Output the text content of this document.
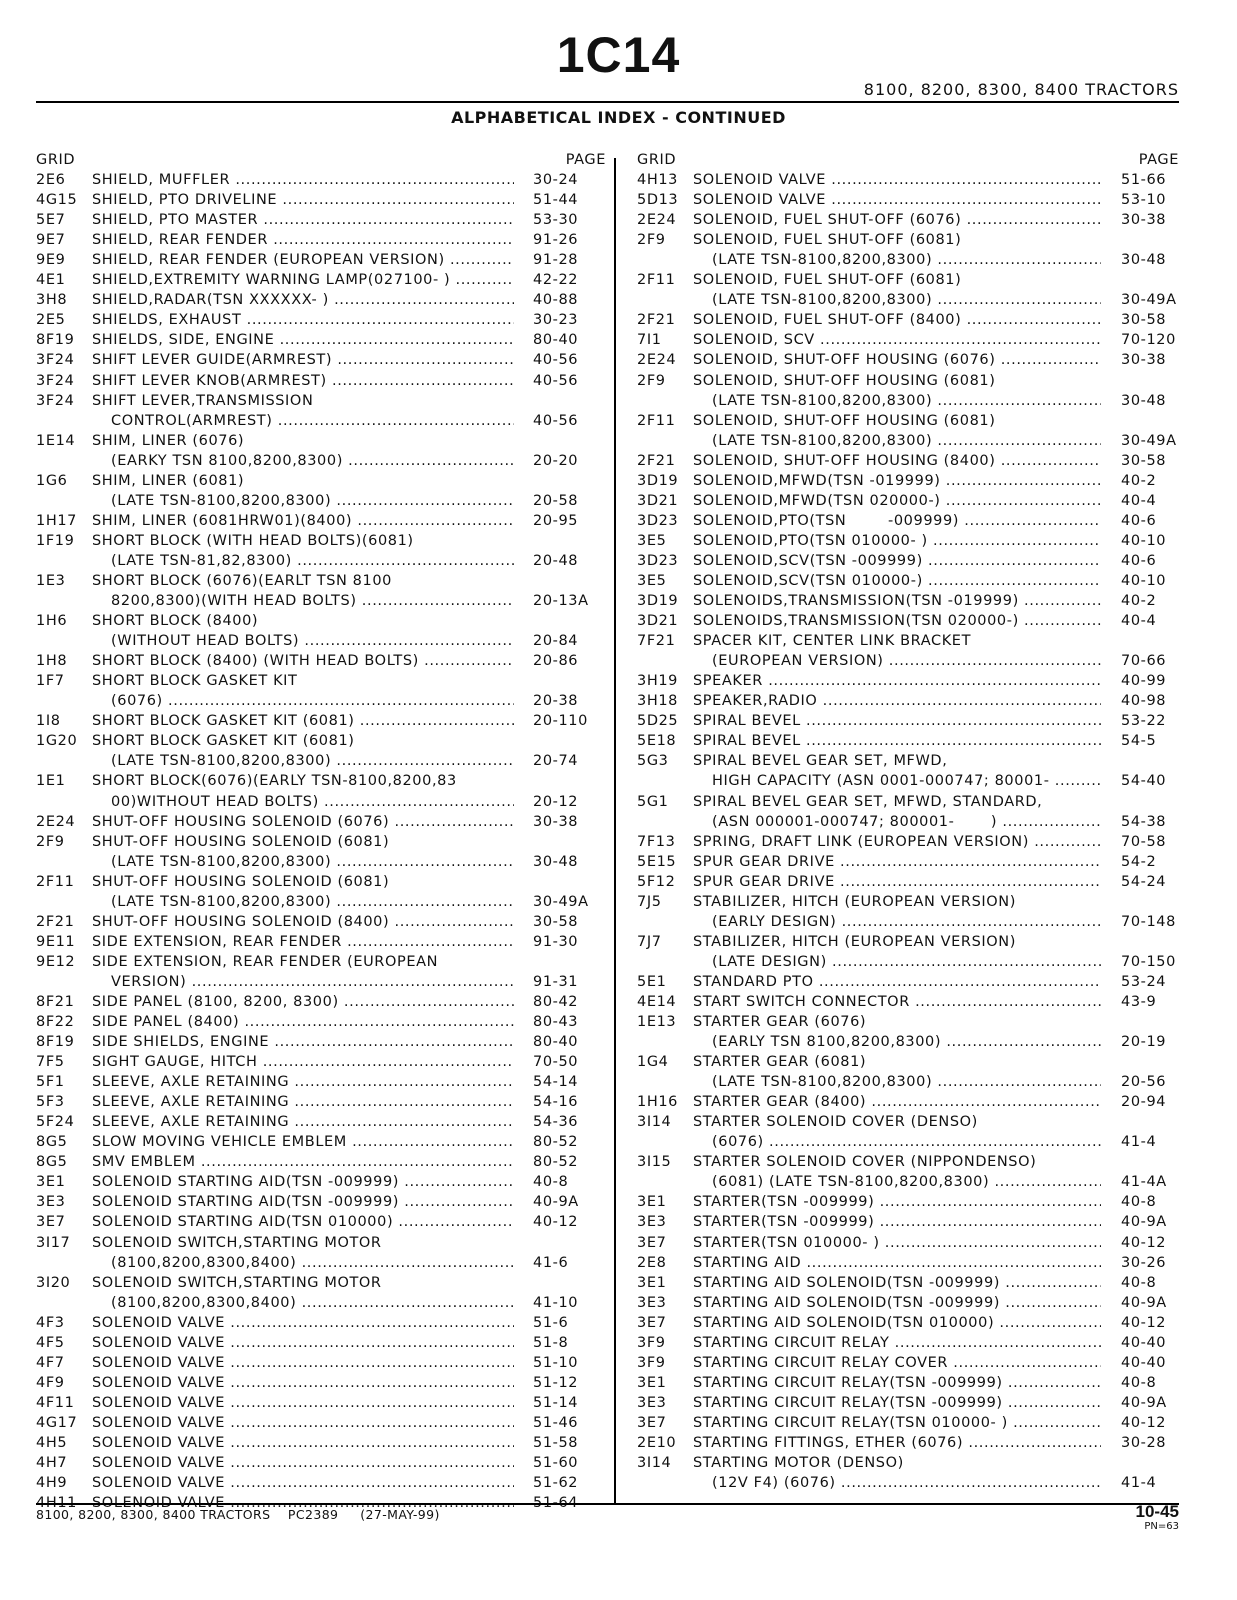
1C14
8100, 8200, 8300, 8400 TRACTORS
ALPHABETICAL INDEX - CONTINUED
GRID	PAGE
2E6 SHIELD, MUFFLER .....	30-24
4G15 SHIELD, PTO DRIVELINE .....	51-44
5E7 SHIELD, PTO MASTER .....	53-30
9E7 SHIELD, REAR FENDER .....	91-26
9E9 SHIELD, REAR FENDER (EUROPEAN VERSION) .....	91-28
4E1 SHIELD,EXTREMITY WARNING LAMP(027100- ) .....	42-22
3H8 SHIELD,RADAR(TSN XXXXXX- ) .....	40-88
2E5 SHIELDS, EXHAUST .....	30-23
8F19 SHIELDS, SIDE, ENGINE .....	80-40
3F24 SHIFT LEVER GUIDE(ARMREST) .....	40-56
3F24 SHIFT LEVER KNOB(ARMREST) .....	40-56
3F24 SHIFT LEVER,TRANSMISSION
CONTROL(ARMREST) .....	40-56
1E14 SHIM, LINER (6076)
(EARKY TSN 8100,8200,8300) .....	20-20
1G6 SHIM, LINER (6081)
(LATE TSN-8100,8200,8300) .....	20-58
1H17 SHIM, LINER (6081HRW01)(8400) .....	20-95
1F19 SHORT BLOCK (WITH HEAD BOLTS)(6081)
(LATE TSN-81,82,8300) .....	20-48
1E3 SHORT BLOCK (6076)(EARLT TSN 8100
8200,8300)(WITH HEAD BOLTS) .....	20-13A
1H6 SHORT BLOCK (8400)
(WITHOUT HEAD BOLTS) .....	20-84
1H8 SHORT BLOCK (8400) (WITH HEAD BOLTS) .....	20-86
1F7 SHORT BLOCK GASKET KIT
(6076) .....	20-38
1I8 SHORT BLOCK GASKET KIT (6081) .....	20-110
1G20 SHORT BLOCK GASKET KIT (6081)
(LATE TSN-8100,8200,8300) .....	20-74
1E1 SHORT BLOCK(6076)(EARLY TSN-8100,8200,83
00)WITHOUT HEAD BOLTS) .....	20-12
2E24 SHUT-OFF HOUSING SOLENOID (6076) .....	30-38
2F9 SHUT-OFF HOUSING SOLENOID (6081)
(LATE TSN-8100,8200,8300) .....	30-48
2F11 SHUT-OFF HOUSING SOLENOID (6081)
(LATE TSN-8100,8200,8300) .....	30-49A
2F21 SHUT-OFF HOUSING SOLENOID (8400) .....	30-58
9E11 SIDE EXTENSION, REAR FENDER .....	91-30
9E12 SIDE EXTENSION, REAR FENDER (EUROPEAN
VERSION) .....	91-31
8F21 SIDE PANEL (8100, 8200, 8300) .....	80-42
8F22 SIDE PANEL (8400) .....	80-43
8F19 SIDE SHIELDS, ENGINE .....	80-40
7F5 SIGHT GAUGE, HITCH .....	70-50
5F1 SLEEVE, AXLE RETAINING .....	54-14
5F3 SLEEVE, AXLE RETAINING .....	54-16
5F24 SLEEVE, AXLE RETAINING .....	54-36
8G5 SLOW MOVING VEHICLE EMBLEM .....	80-52
8G5 SMV EMBLEM .....	80-52
3E1 SOLENOID STARTING AID(TSN -009999) .....	40-8
3E3 SOLENOID STARTING AID(TSN -009999) .....	40-9A
3E7 SOLENOID STARTING AID(TSN 010000) .....	40-12
3I17 SOLENOID SWITCH,STARTING MOTOR
(8100,8200,8300,8400) .....	41-6
3I20 SOLENOID SWITCH,STARTING MOTOR
(8100,8200,8300,8400) .....	41-10
4F3 SOLENOID VALVE .....	51-6
4F5 SOLENOID VALVE .....	51-8
4F7 SOLENOID VALVE .....	51-10
4F9 SOLENOID VALVE .....	51-12
4F11 SOLENOID VALVE .....	51-14
4G17 SOLENOID VALVE .....	51-46
4H5 SOLENOID VALVE .....	51-58
4H7 SOLENOID VALVE .....	51-60
4H9 SOLENOID VALVE .....	51-62
4H11 SOLENOID VALVE .....	51-64
GRID	PAGE
4H13 SOLENOID VALVE .....	51-66
5D13 SOLENOID VALVE .....	53-10
2E24 SOLENOID, FUEL SHUT-OFF (6076) .....	30-38
2F9 SOLENOID, FUEL SHUT-OFF (6081)
(LATE TSN-8100,8200,8300) .....	30-48
2F11 SOLENOID, FUEL SHUT-OFF (6081)
(LATE TSN-8100,8200,8300) .....	30-49A
2F21 SOLENOID, FUEL SHUT-OFF (8400) .....	30-58
7I1 SOLENOID, SCV .....	70-120
2E24 SOLENOID, SHUT-OFF HOUSING (6076) .....	30-38
2F9 SOLENOID, SHUT-OFF HOUSING (6081)
(LATE TSN-8100,8200,8300) .....	30-48
2F11 SOLENOID, SHUT-OFF HOUSING (6081)
(LATE TSN-8100,8200,8300) .....	30-49A
2F21 SOLENOID, SHUT-OFF HOUSING (8400) .....	30-58
3D19 SOLENOID,MFWD(TSN -019999) .....	40-2
3D21 SOLENOID,MFWD(TSN 020000-) .....	40-4
3D23 SOLENOID,PTO(TSN        -009999) .....	40-6
3E5 SOLENOID,PTO(TSN 010000- ) .....	40-10
3D23 SOLENOID,SCV(TSN -009999) .....	40-6
3E5 SOLENOID,SCV(TSN 010000-) .....	40-10
3D19 SOLENOIDS,TRANSMISSION(TSN -019999) .....	40-2
3D21 SOLENOIDS,TRANSMISSION(TSN 020000-) .....	40-4
7F21 SPACER KIT, CENTER LINK BRACKET
(EUROPEAN VERSION) .....	70-66
3H19 SPEAKER .....	40-99
3H18 SPEAKER,RADIO .....	40-98
5D25 SPIRAL BEVEL .....	53-22
5E18 SPIRAL BEVEL .....	54-5
5G3 SPIRAL BEVEL GEAR SET, MFWD,
HIGH CAPACITY (ASN 0001-000747; 80001- .....	54-40
5G1 SPIRAL BEVEL GEAR SET, MFWD, STANDARD,
(ASN 000001-000747; 800001-       ) .....	54-38
7F13 SPRING, DRAFT LINK (EUROPEAN VERSION) .....	70-58
5E15 SPUR GEAR DRIVE .....	54-2
5F12 SPUR GEAR DRIVE .....	54-24
7J5 STABILIZER, HITCH (EUROPEAN VERSION)
(EARLY DESIGN) .....	70-148
7J7 STABILIZER, HITCH (EUROPEAN VERSION)
(LATE DESIGN) .....	70-150
5E1 STANDARD PTO .....	53-24
4E14 START SWITCH CONNECTOR .....	43-9
1E13 STARTER GEAR (6076)
(EARLY TSN 8100,8200,8300) .....	20-19
1G4 STARTER GEAR (6081)
(LATE TSN-8100,8200,8300) .....	20-56
1H16 STARTER GEAR (8400) .....	20-94
3I14 STARTER SOLENOID COVER (DENSO)
(6076) .....	41-4
3I15 STARTER SOLENOID COVER (NIPPONDENSO)
(6081) (LATE TSN-8100,8200,8300) .....	41-4A
3E1 STARTER(TSN -009999) .....	40-8
3E3 STARTER(TSN -009999) .....	40-9A
3E7 STARTER(TSN 010000- ) .....	40-12
2E8 STARTING AID .....	30-26
3E1 STARTING AID SOLENOID(TSN -009999) .....	40-8
3E3 STARTING AID SOLENOID(TSN -009999) .....	40-9A
3E7 STARTING AID SOLENOID(TSN 010000) .....	40-12
3F9 STARTING CIRCUIT RELAY .....	40-40
3F9 STARTING CIRCUIT RELAY COVER .....	40-40
3E1 STARTING CIRCUIT RELAY(TSN -009999) .....	40-8
3E3 STARTING CIRCUIT RELAY(TSN -009999) .....	40-9A
3E7 STARTING CIRCUIT RELAY(TSN 010000- ) .....	40-12
2E10 STARTING FITTINGS, ETHER (6076) .....	30-28
3I14 STARTING MOTOR (DENSO)
(12V F4) (6076) .....	41-4
8100, 8200, 8300, 8400 TRACTORS    PC2389     (27-MAY-99)	10-45
PN=63
